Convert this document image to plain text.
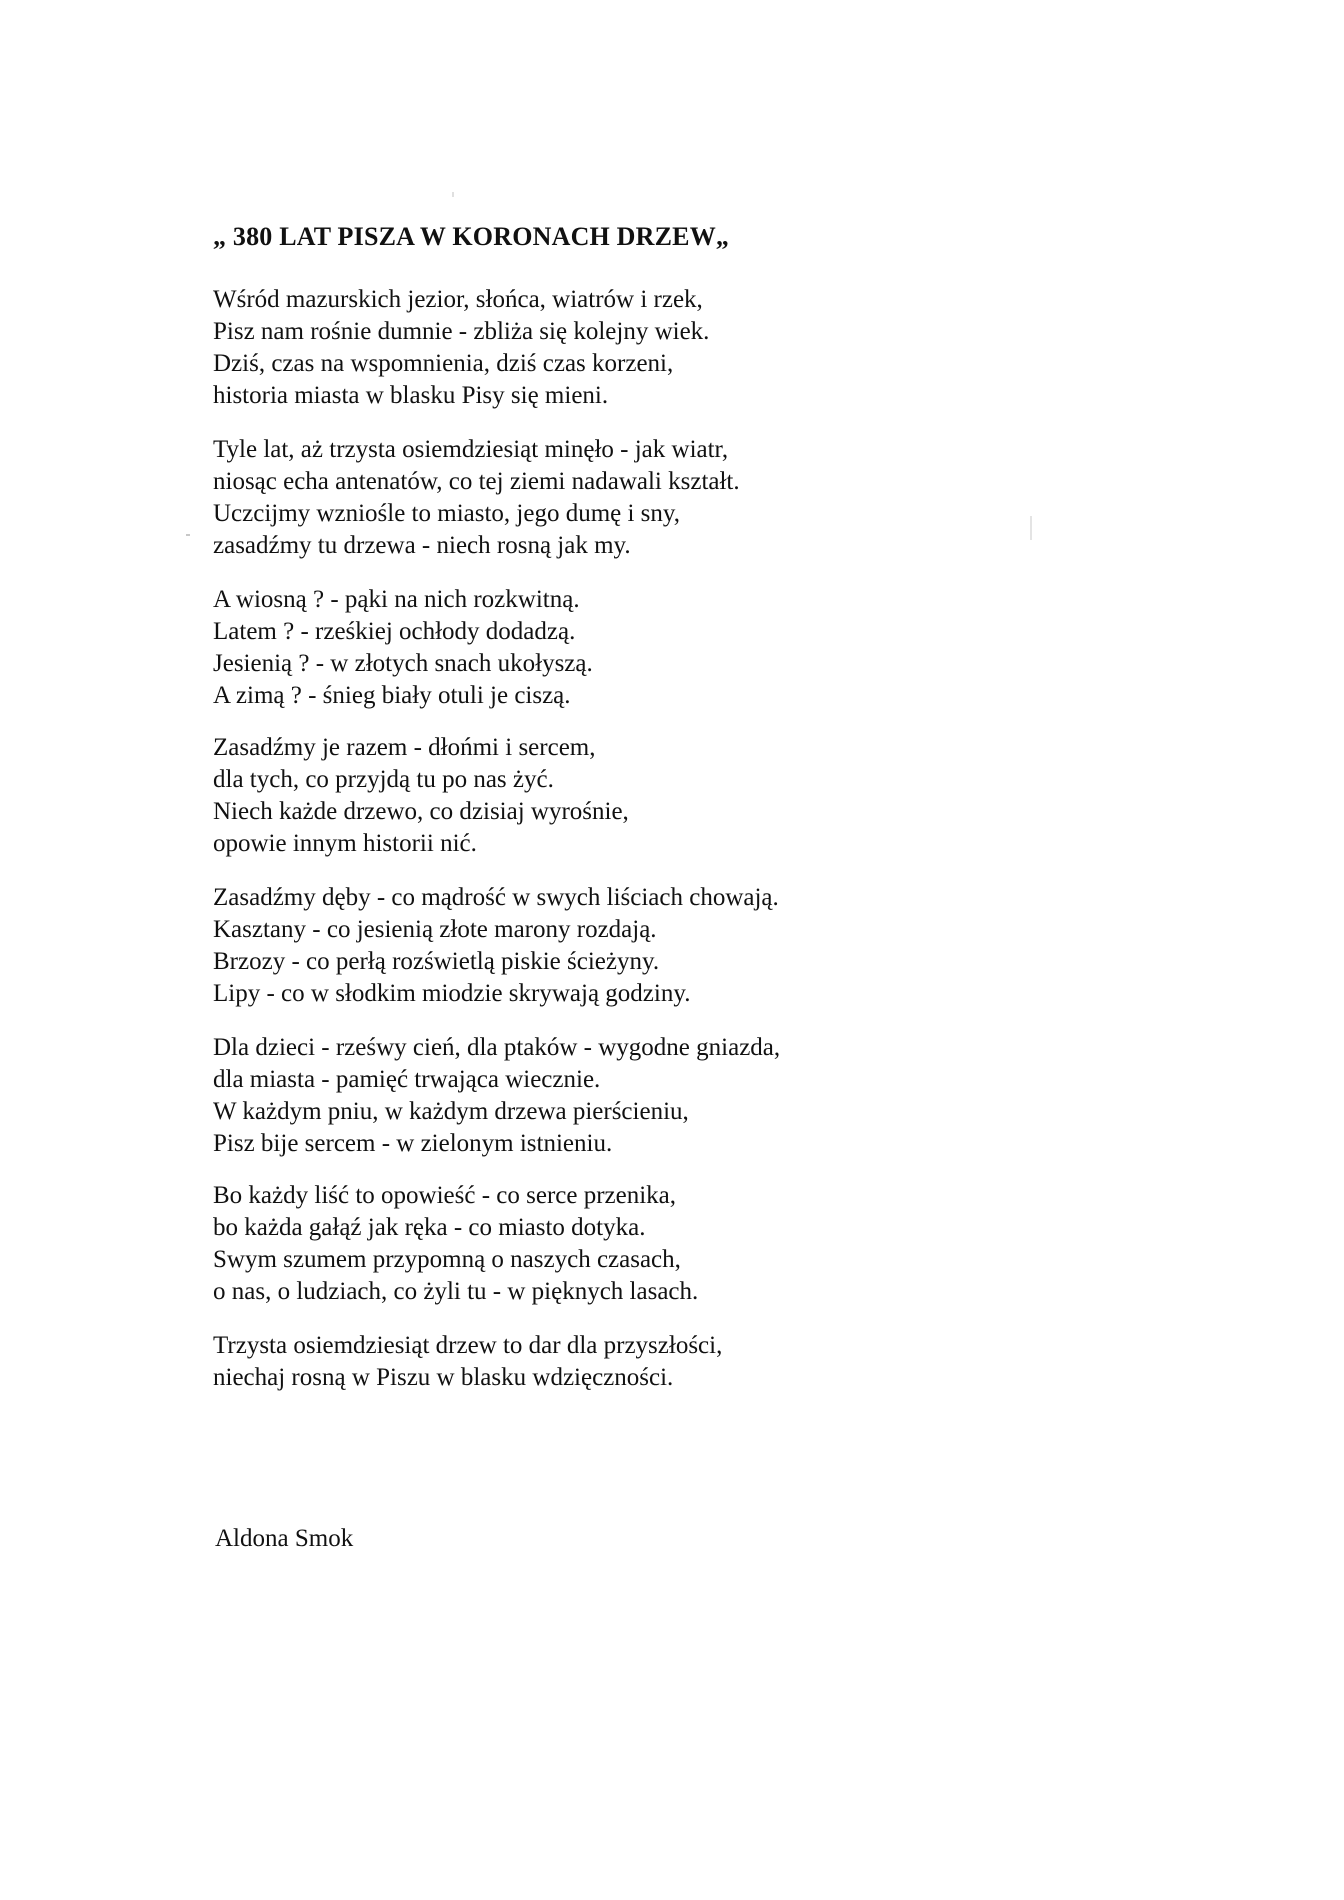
„ 380 LAT PISZA W KORONACH DRZEW„

Wśród mazurskich jezior, słońca, wiatrów i rzek,
Pisz nam rośnie dumnie - zbliża się kolejny wiek.
Dziś, czas na wspomnienia, dziś czas korzeni,
historia miasta w blasku Pisy się mieni.

Tyle lat, aż trzysta osiemdziesiąt minęło - jak wiatr,
niosąc echa antenatów, co tej ziemi nadawali kształt.
Uczcijmy wzniośle to miasto, jego dumę i sny,
zasadźmy tu drzewa - niech rosną jak my.

A wiosną ? - pąki na nich rozkwitną.
Latem ? - rześkiej ochłody dodadzą.
Jesienią ? - w złotych snach ukołyszą.
A zimą ? - śnieg biały otuli je ciszą.

Zasadźmy je razem - dłońmi i sercem,
dla tych, co przyjdą tu po nas żyć.
Niech każde drzewo, co dzisiaj wyrośnie,
opowie innym historii nić.

Zasadźmy dęby - co mądrość w swych liściach chowają.
Kasztany - co jesienią złote marony rozdają.
Brzozy - co perłą rozświetlą piskie ścieżyny.
Lipy - co w słodkim miodzie skrywają godziny.

Dla dzieci - rześwy cień, dla ptaków - wygodne gniazda,
dla miasta - pamięć trwająca wiecznie.
W każdym pniu, w każdym drzewa pierścieniu,
Pisz bije sercem - w zielonym istnieniu.

Bo każdy liść to opowieść - co serce przenika,
bo każda gałąź jak ręka - co miasto dotyka.
Swym szumem przypomną o naszych czasach,
o nas, o ludziach, co żyli tu - w pięknych lasach.

Trzysta osiemdziesiąt drzew to dar dla przyszłości,
niechaj rosną w Piszu w blasku wdzięczności.

Aldona Smok
